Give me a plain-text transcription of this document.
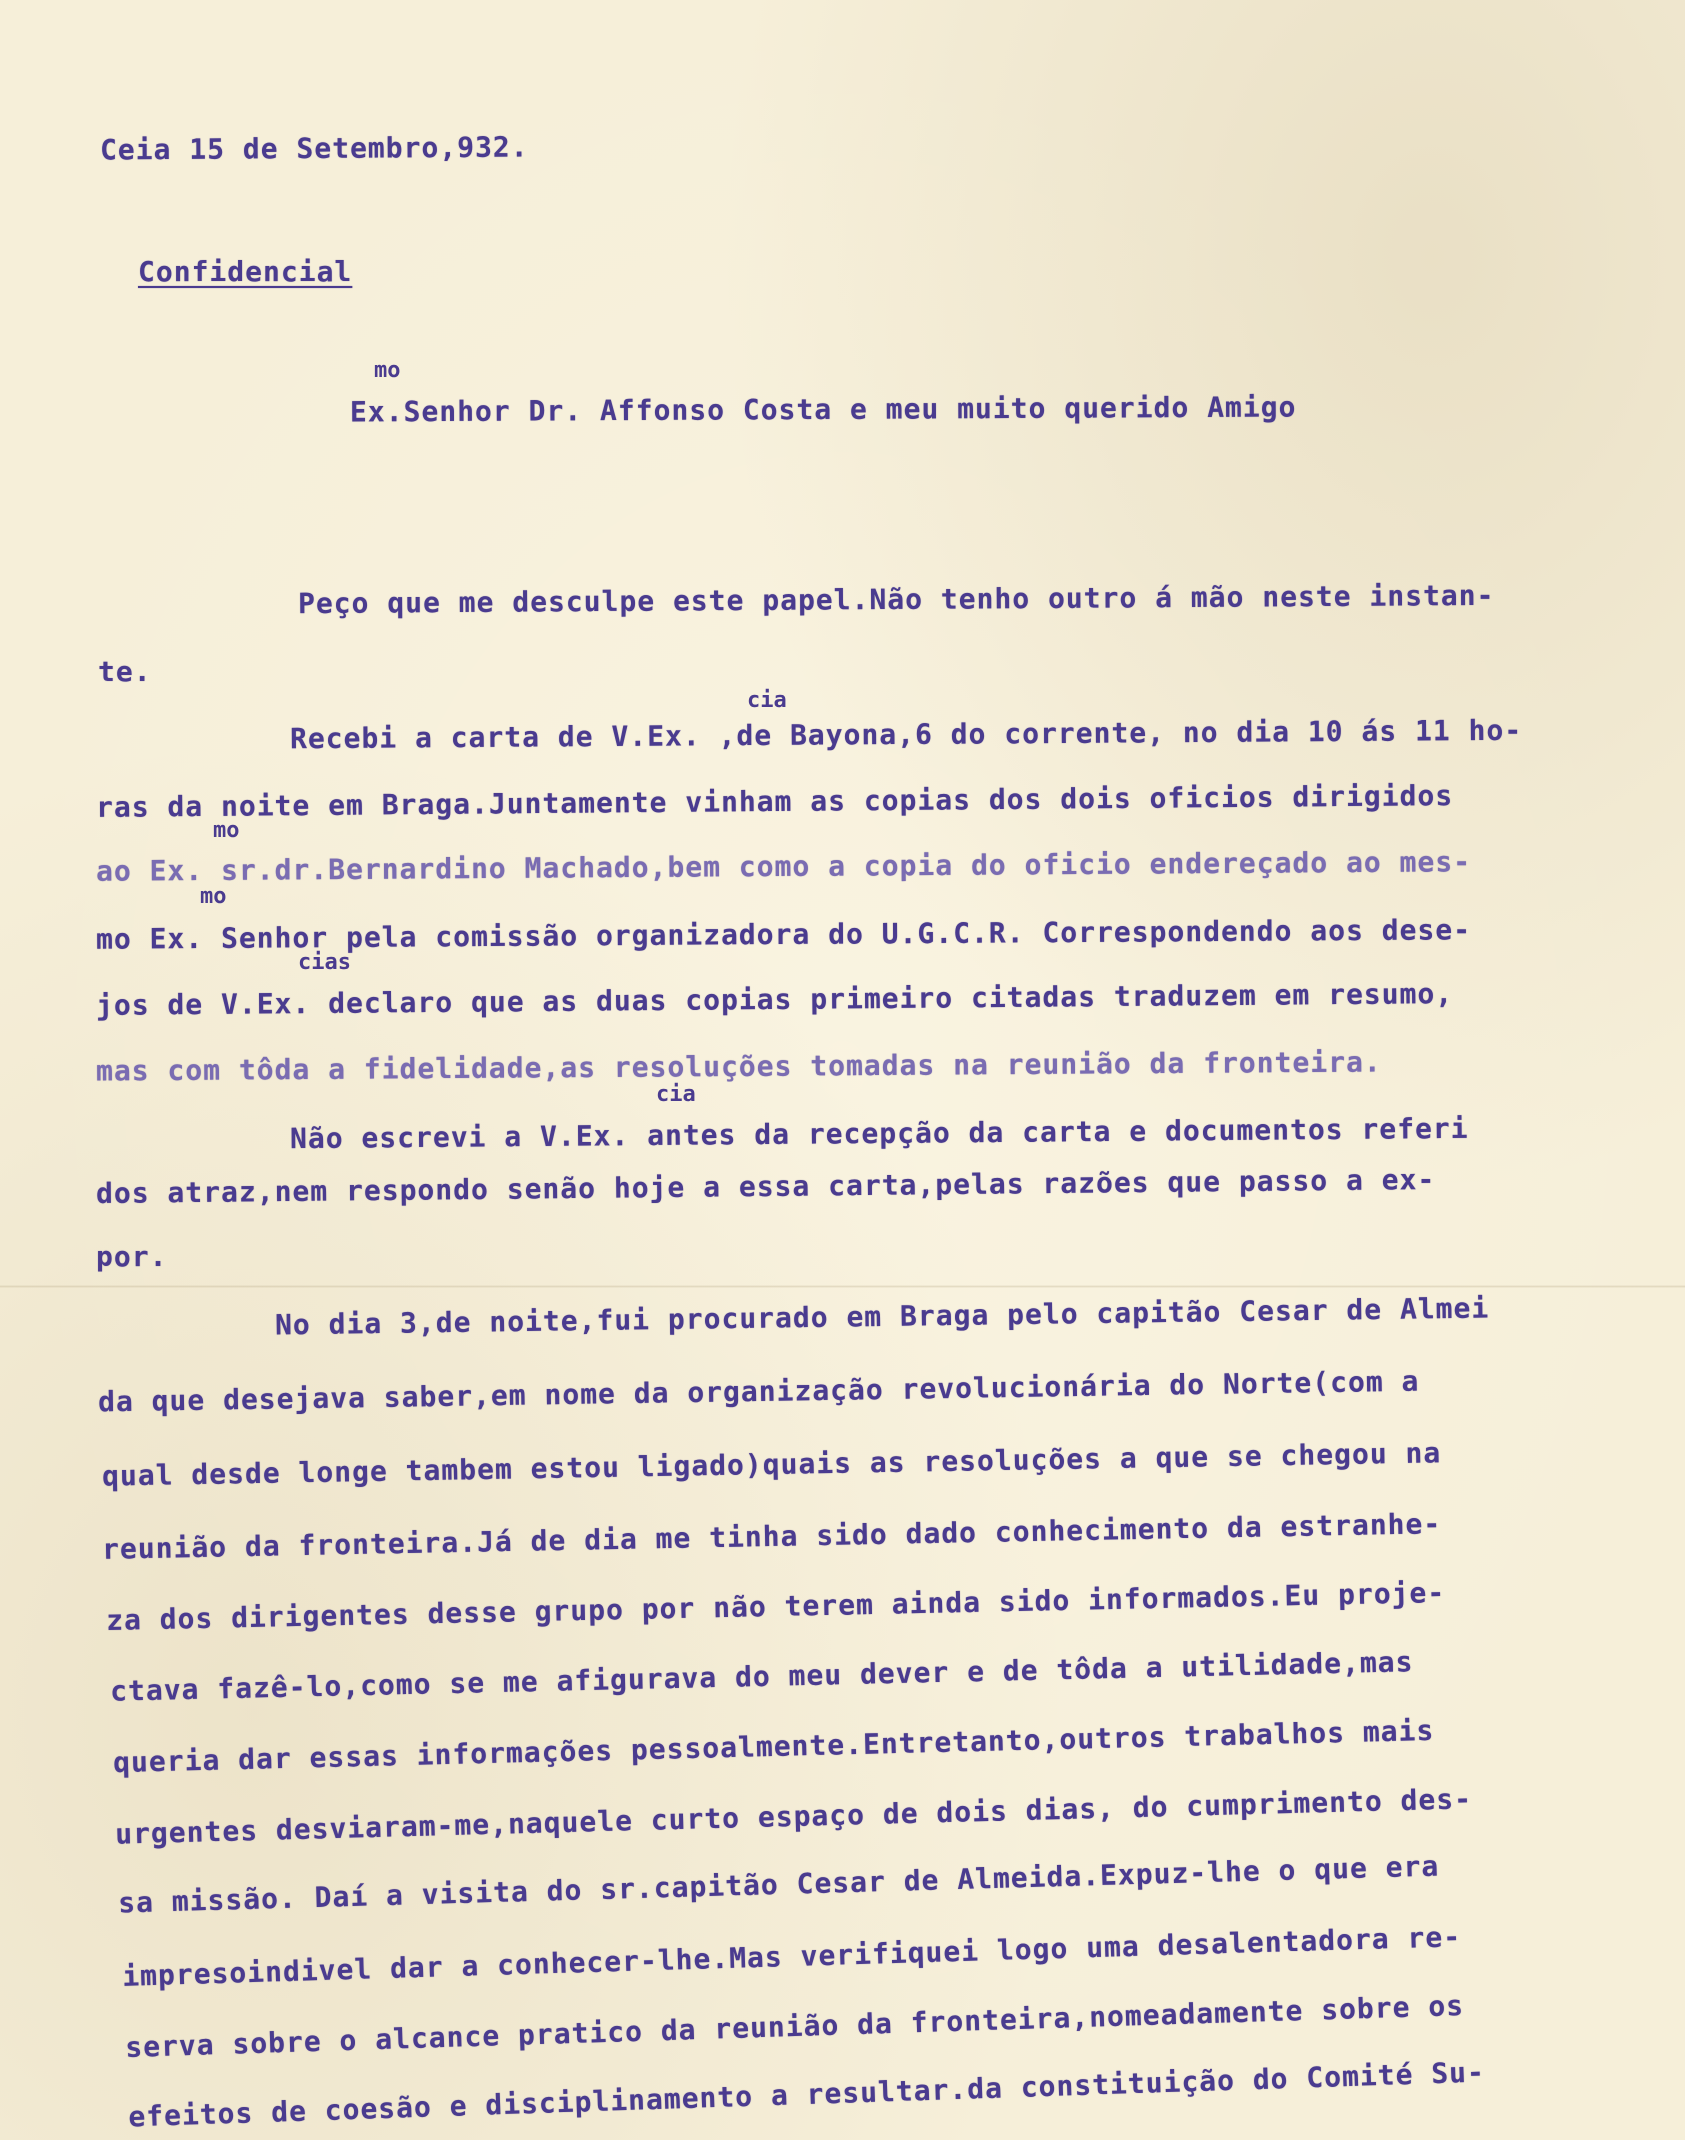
Ceia 15 de Setembro,932.
Confidencial
mo
Ex.Senhor Dr. Affonso Costa e meu muito querido Amigo
Peço que me desculpe este papel.Não tenho outro á mão neste instan-
te.
cia
Recebi a carta de V.Ex. ,de Bayona,6 do corrente, no dia 10 ás 11 ho-
ras da noite em Braga.Juntamente vinham as copias dos dois oficios dirigidos
mo
ao Ex. sr.dr.Bernardino Machado,bem como a copia do oficio endereçado ao mes-
mo
mo Ex. Senhor pela comissão organizadora do U.G.C.R. Correspondendo aos dese-
cias
jos de V.Ex. declaro que as duas copias primeiro citadas traduzem em resumo,
mas com tôda a fidelidade,as resoluções tomadas na reunião da fronteira.
cia
Não escrevi a V.Ex. antes da recepção da carta e documentos referi
dos atraz,nem respondo senão hoje a essa carta,pelas razões que passo a ex-
por.
No dia 3,de noite,fui procurado em Braga pelo capitão Cesar de Almei
da que desejava saber,em nome da organização revolucionária do Norte(com a
qual desde longe tambem estou ligado)quais as resoluções a que se chegou na
reunião da fronteira.Já de dia me tinha sido dado conhecimento da estranhe-
za dos dirigentes desse grupo por não terem ainda sido informados.Eu proje-
ctava fazê-lo,como se me afigurava do meu dever e de tôda a utilidade,mas
queria dar essas informações pessoalmente.Entretanto,outros trabalhos mais
urgentes desviaram-me,naquele curto espaço de dois dias, do cumprimento des-
sa missão. Daí a visita do sr.capitão Cesar de Almeida.Expuz-lhe o que era
impresoindivel dar a conhecer-lhe.Mas verifiquei logo uma desalentadora re-
serva sobre o alcance pratico da reunião da fronteira,nomeadamente sobre os
efeitos de coesão e disciplinamento a resultar.da constituição do Comité Su-
